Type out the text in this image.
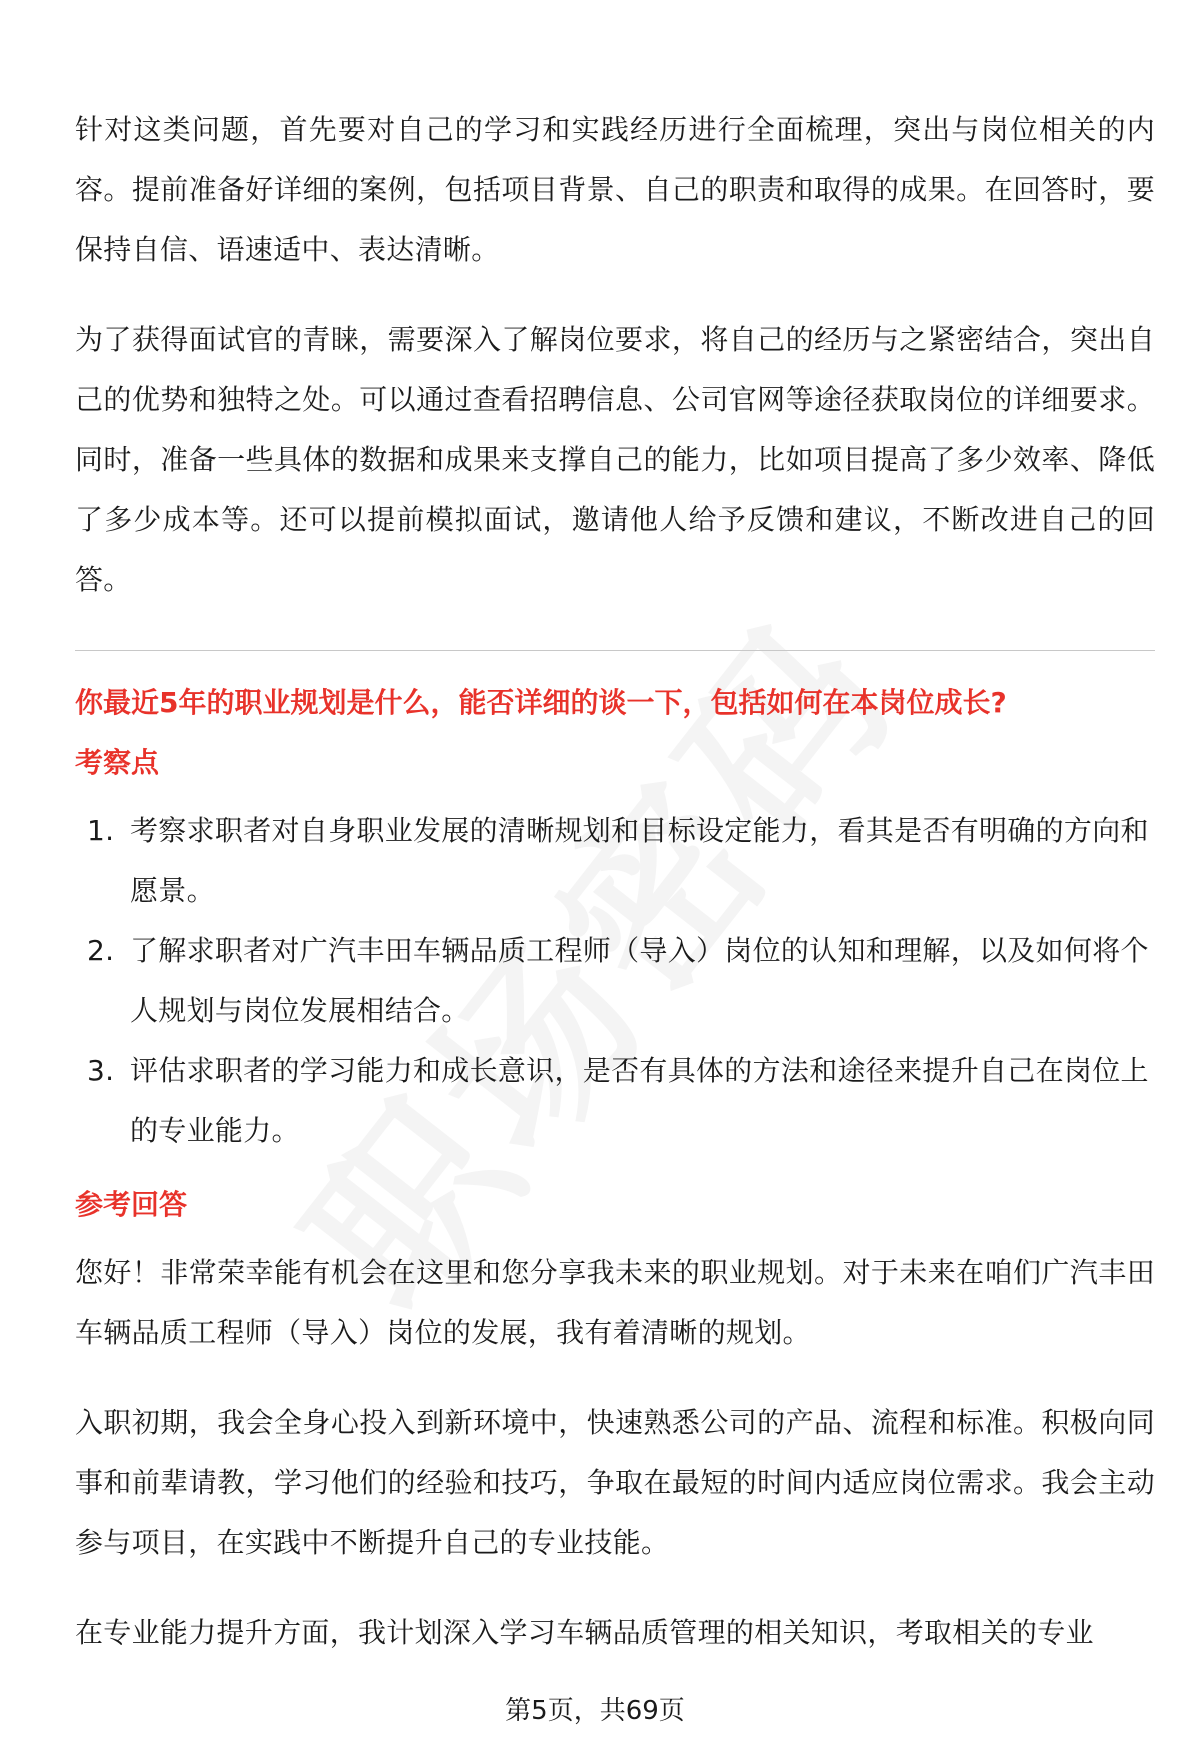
针对这类问题，首先要对自己的学习和实践经历进行全面梳理，突出与岗位相关的内容。提前准备好详细的案例，包括项目背景、自己的职责和取得的成果。在回答时，要保持自信、语速适中、表达清晰。

为了获得面试官的青睐，需要深入了解岗位要求，将自己的经历与之紧密结合，突出自己的优势和独特之处。可以通过查看招聘信息、公司官网等途径获取岗位的详细要求。同时，准备一些具体的数据和成果来支撑自己的能力，比如项目提高了多少效率、降低了多少成本等。还可以提前模拟面试，邀请他人给予反馈和建议，不断改进自己的回答。

你最近5年的职业规划是什么，能否详细的谈一下，包括如何在本岗位成长?

考察点

1. 考察求职者对自身职业发展的清晰规划和目标设定能力，看其是否有明确的方向和愿景。
2. 了解求职者对广汽丰田车辆品质工程师（导入）岗位的认知和理解，以及如何将个人规划与岗位发展相结合。
3. 评估求职者的学习能力和成长意识，是否有具体的方法和途径来提升自己在岗位上的专业能力。

参考回答

您好！非常荣幸能有机会在这里和您分享我未来的职业规划。对于未来在咱们广汽丰田车辆品质工程师（导入）岗位的发展，我有着清晰的规划。

入职初期，我会全身心投入到新环境中，快速熟悉公司的产品、流程和标准。积极向同事和前辈请教，学习他们的经验和技巧，争取在最短的时间内适应岗位需求。我会主动参与项目，在实践中不断提升自己的专业技能。

在专业能力提升方面，我计划深入学习车辆品质管理的相关知识，考取相关的专业

第5页，共69页
